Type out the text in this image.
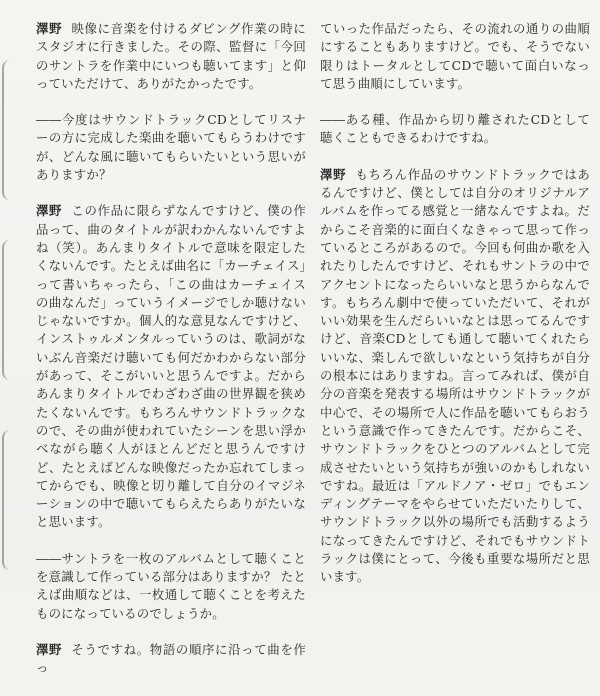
澤野 映像に音楽を付けるダビング作業の時にスタジオに行きました。その際、監督に「今回のサントラを作業中にいつも聴いてます」と仰っていただけて、ありがたかったです。

――今度はサウンドトラックCDとしてリスナーの方に完成した楽曲を聴いてもらうわけですが、どんな風に聴いてもらいたいという思いがありますか？

澤野 この作品に限らずなんですけど、僕の作品って、曲のタイトルが訳わかんないんですよね（笑）。あんまりタイトルで意味を限定したくないんです。たとえば曲名に「カーチェイス」って書いちゃったら、「この曲はカーチェイスの曲なんだ」っていうイメージでしか聴けないじゃないですか。個人的な意見なんですけど、インストゥルメンタルっていうのは、歌詞がないぶん音楽だけ聴いても何だかわからない部分があって、そこがいいと思うんですよ。だからあんまりタイトルでわざわざ曲の世界観を狭めたくないんです。もちろんサウンドトラックなので、その曲が使われていたシーンを思い浮かべながら聴く人がほとんどだと思うんですけど、たとえばどんな映像だったか忘れてしまってからでも、映像と切り離して自分のイマジネーションの中で聴いてもらえたらありがたいなと思います。

――サントラを一枚のアルバムとして聴くことを意識して作っている部分はありますか？ たとえば曲順などは、一枚通して聴くことを考えたものになっているのでしょうか。

澤野 そうですね。物語の順序に沿って曲を作っ

ていった作品だったら、その流れの通りの曲順にすることもありますけど。でも、そうでない限りはトータルとしてCDで聴いて面白いなって思う曲順にしています。

――ある種、作品から切り離されたCDとして聴くこともできるわけですね。

澤野 もちろん作品のサウンドトラックではあるんですけど、僕としては自分のオリジナルアルバムを作ってる感覚と一緒なんですよね。だからこそ音楽的に面白くなきゃって思って作っているところがあるので。今回も何曲か歌を入れたりしたんですけど、それもサントラの中でアクセントになったらいいなと思うからなんです。もちろん劇中で使っていただいて、それがいい効果を生んだらいいなとは思ってるんですけど、音楽CDとしても通して聴いてくれたらいいな、楽しんで欲しいなという気持ちが自分の根本にはありますね。言ってみれば、僕が自分の音楽を発表する場所はサウンドトラックが中心で、その場所で人に作品を聴いてもらおうという意識で作ってきたんです。だからこそ、サウンドトラックをひとつのアルバムとして完成させたいという気持ちが強いのかもしれないですね。最近は「アルドノア・ゼロ」でもエンディングテーマをやらせていただいたりして、サウンドトラック以外の場所でも活動するようになってきたんですけど、それでもサウンドトラックは僕にとって、今後も重要な場所だと思います。
